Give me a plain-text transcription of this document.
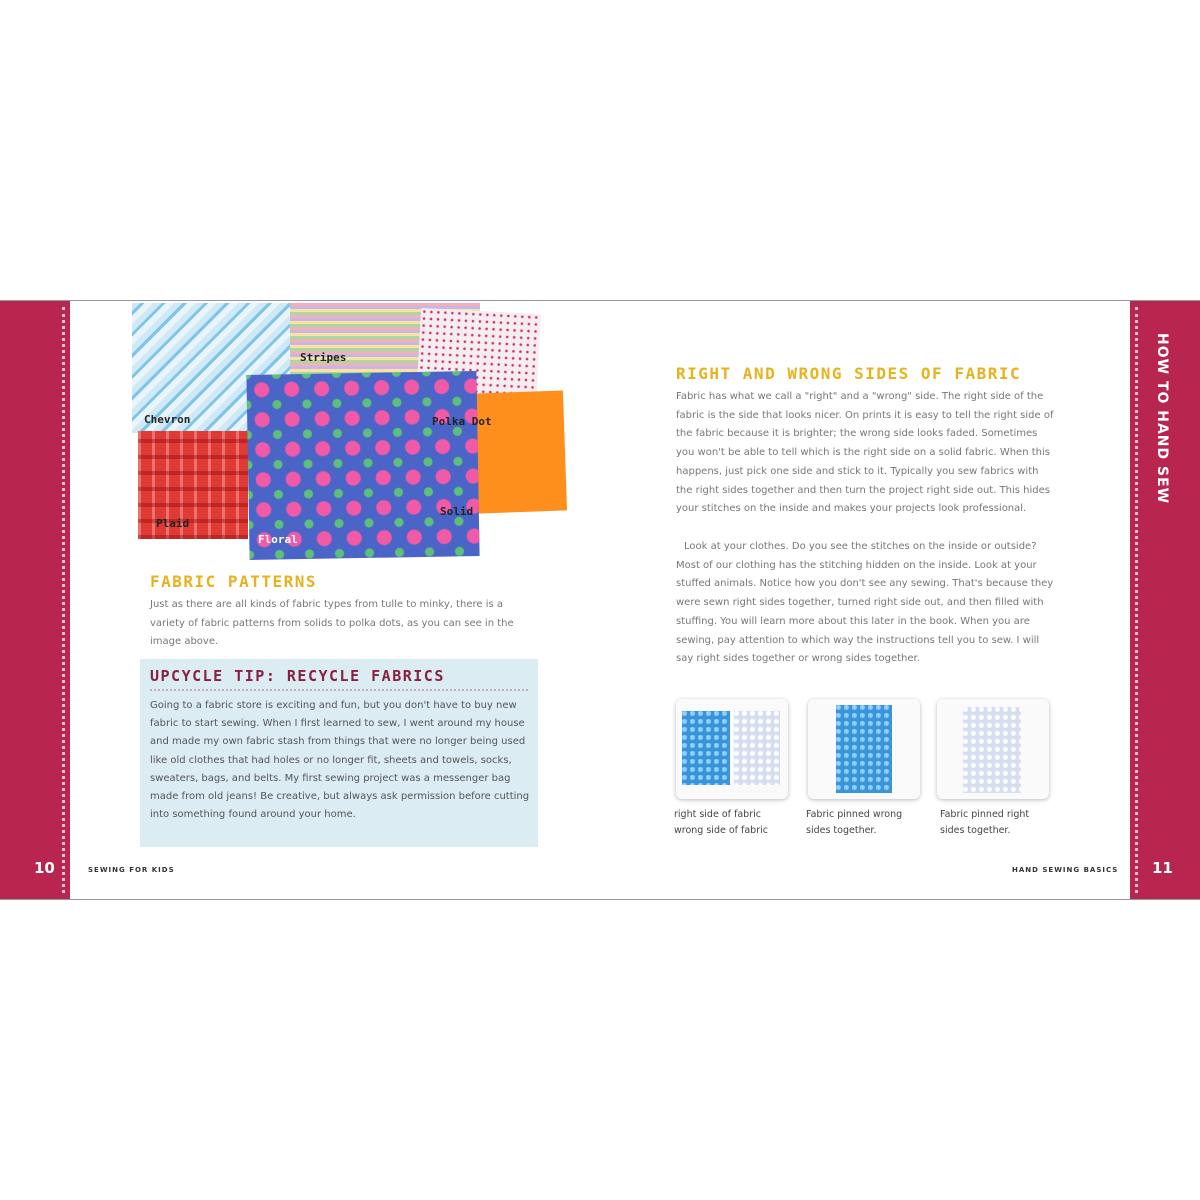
10	11
HOW TO HAND SEW
SEWING FOR KIDS	HAND SEWING BASICS
Chevron
Stripes
Polka Dot
Plaid
Floral
Solid
FABRIC PATTERNS
Just as there are all kinds of fabric types from tulle to minky, there is a variety of fabric patterns from solids to polka dots, as you can see in the image above.
UPCYCLE TIP: RECYCLE FABRICS
Going to a fabric store is exciting and fun, but you don't have to buy new fabric to start sewing. When I first learned to sew, I went around my house and made my own fabric stash from things that were no longer being used like old clothes that had holes or no longer fit, sheets and towels, socks, sweaters, bags, and belts. My first sewing project was a messenger bag made from old jeans! Be creative, but always ask permission before cutting into something found around your home.
RIGHT AND WRONG SIDES OF FABRIC
Fabric has what we call a "right" and a "wrong" side. The right side of the fabric is the side that looks nicer. On prints it is easy to tell the right side of the fabric because it is brighter; the wrong side looks faded. Sometimes you won't be able to tell which is the right side on a solid fabric. When this happens, just pick one side and stick to it. Typically you sew fabrics with the right sides together and then turn the project right side out. This hides your stitches on the inside and makes your projects look professional.
Look at your clothes. Do you see the stitches on the inside or outside? Most of our clothing has the stitching hidden on the inside. Look at your stuffed animals. Notice how you don't see any sewing. That's because they were sewn right sides together, turned right side out, and then filled with stuffing. You will learn more about this later in the book. When you are sewing, pay attention to which way the instructions tell you to sew. I will say right sides together or wrong sides together.
right side of fabric
wrong side of fabric
Fabric pinned wrong
sides together.
Fabric pinned right
sides together.
